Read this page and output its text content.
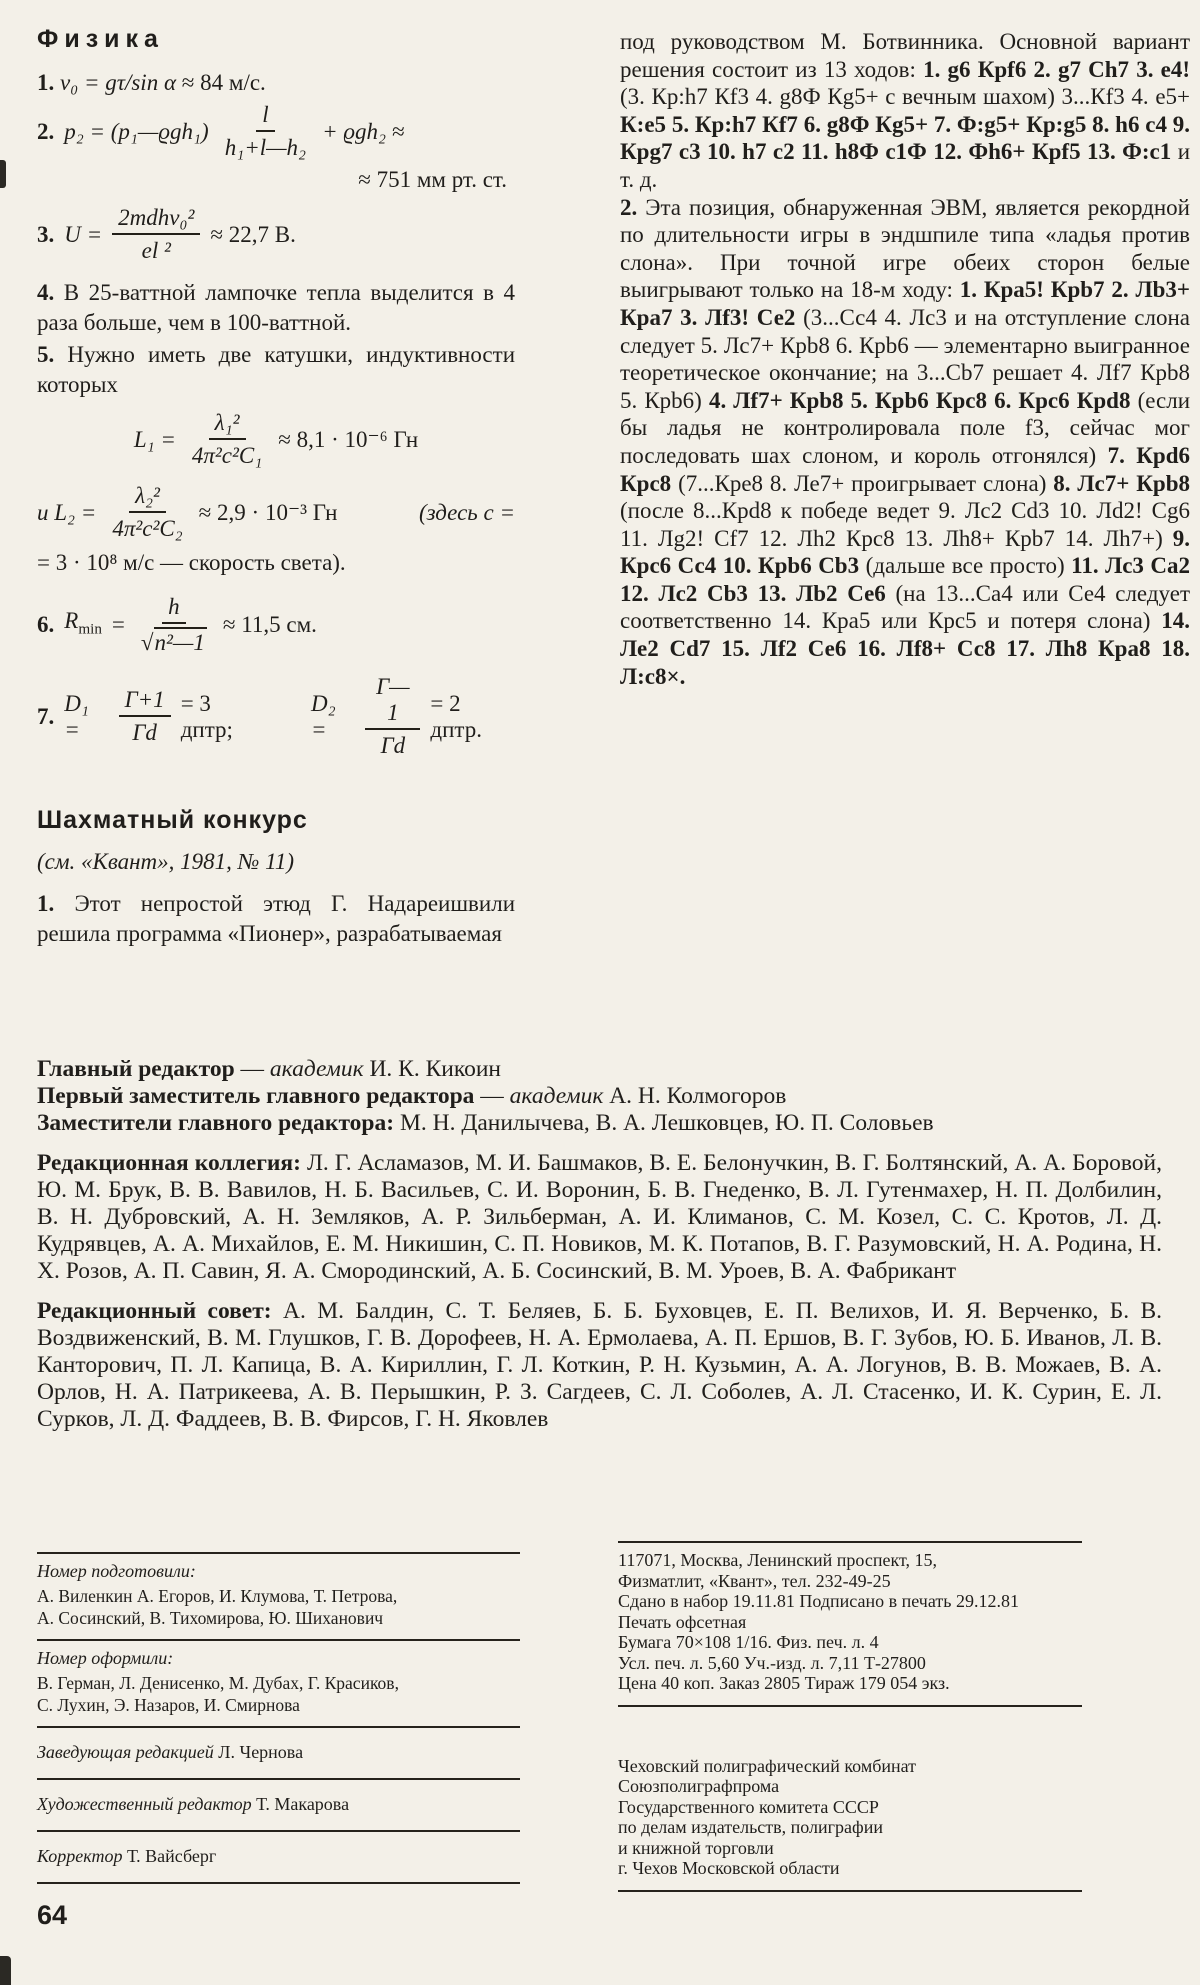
Физика

1. v₀ = gτ/sin α ≈ 84 м/с.

2. p₂ = (p₁—ϱgh₁) $\frac{l}{\text{h₁+l—h₂}} + ϱgh_2$ ≈
≈ 751 мм рт. ст.
3. $U = \frac{\text{2mdhv₀²}}{\text{el ²}} \approx 22,7$ В.

4. В 25-ваттной лампочке тепла выделится в 4 раза больше, чем в 100-ваттной.

5. Нужно иметь две катушки, индуктивности которых

$L_1 = \frac{\text{λ₁²}}{\text{4π²c²C₁}} \approx 8,1 \cdot 10^{-6}$ Гн
и $L_2 = \frac{\text{λ₂²}}{\text{4π²c²C₂}} \approx 2,9 \cdot 10^{-3}$ Гн	(здесь c =
= 3 · 10⁸ м/с — скорость света).
6. $R_{min} = \frac{h}{\text{√n²—1}} \approx 11,5$ см.
7.
D₁ =	$\frac{Г+1}{Гd} = 3$ дптр;
D₂ =	$\frac{Г—1}{Гd} = 2$ дптр.
Шахматный конкурс

(см. «Квант», 1981, № 11)

1. Этот непростой этюд Г. Надареишвили решила программа «Пионер», разрабатываемая

под руководством М. Ботвинника. Основной вариант решения состоит из 13 ходов: 1. g6 Кpf6 2. g7 Ch7 3. e4! (3. Кр:h7 Кf3 4. g8Ф Кg5+ с вечным шахом) 3...Кf3 4. е5+ К:е5 5. Кр:h7 Кf7 6. g8Ф Кg5+ 7. Ф:g5+ Кр:g5 8. h6 c4 9. Кpg7 c3 10. h7 c2 11. h8Ф с1Ф 12. Фh6+ Кpf5 13. Ф:c1 и т. д.

2. Эта позиция, обнаруженная ЭВМ, является рекордной по длительности игры в эндшпиле типа «ладья против слона». При точной игре обеих сторон белые выигрывают только на 18-м ходу: 1. Кра5! Крb7 2. Лb3+ Кра7 3. Лf3! Се2 (3...Сс4 4. Лс3 и на отступление слона следует 5. Лс7+ Крb8 6. Крb6 — элементарно выигранное теоретическое окончание; на 3...Сb7 решает 4. Лf7 Крb8 5. Крb6) 4. Лf7+ Крb8 5. Крb6 Крс8 6. Крс6 Крd8 (если бы ладья не контролировала поле f3, сейчас мог последовать шах слоном, и король отгонялся) 7. Крd6 Крс8 (7...Кре8 8. Ле7+ проигрывает слона) 8. Лс7+ Крb8 (после 8...Крd8 к победе ведет 9. Лс2 Сd3 10. Лd2! Сg6 11. Лg2! Сf7 12. Лh2 Крс8 13. Лh8+ Крb7 14. Лh7+) 9. Крс6 Сс4 10. Крb6 Сb3 (дальше все просто) 11. Лс3 Са2 12. Лс2 Сb3 13. Лb2 Се6 (на 13...Са4 или Се4 следует соответственно 14. Кра5 или Крс5 и потеря слона) 14. Ле2 Сd7 15. Лf2 Се6 16. Лf8+ Сс8 17. Лh8 Кра8 18. Л:с8×.

Главный редактор — академик И. К. Кикоин

Первый заместитель главного редактора — академик А. Н. Колмогоров

Заместители главного редактора: М. Н. Данилычева, В. А. Лешковцев, Ю. П. Соловьев

Редакционная коллегия: Л. Г. Асламазов, М. И. Башмаков, В. Е. Белонучкин, В. Г. Болтянский, А. А. Боровой, Ю. М. Брук, В. В. Вавилов, Н. Б. Васильев, С. И. Воронин, Б. В. Гнеденко, В. Л. Гутенмахер, Н. П. Долбилин, В. Н. Дубровский, А. Н. Земляков, А. Р. Зильберман, А. И. Климанов, С. М. Козел, С. С. Кротов, Л. Д. Кудрявцев, А. А. Михайлов, Е. М. Никишин, С. П. Новиков, М. К. Потапов, В. Г. Разумовский, Н. А. Родина, Н. Х. Розов, А. П. Савин, Я. А. Смородинский, А. Б. Сосинский, В. М. Уроев, В. А. Фабрикант

Редакционный совет: А. М. Балдин, С. Т. Беляев, Б. Б. Буховцев, Е. П. Велихов, И. Я. Верченко, Б. В. Воздвиженский, В. М. Глушков, Г. В. Дорофеев, Н. А. Ермолаева, А. П. Ершов, В. Г. Зубов, Ю. Б. Иванов, Л. В. Канторович, П. Л. Капица, В. А. Кириллин, Г. Л. Коткин, Р. Н. Кузьмин, А. А. Логунов, В. В. Можаев, В. А. Орлов, Н. А. Патрикеева, А. В. Перышкин, Р. З. Сагдеев, С. Л. Соболев, А. Л. Стасенко, И. К. Сурин, Е. Л. Сурков, Л. Д. Фаддеев, В. В. Фирсов, Г. Н. Яковлев

Номер подготовили:
А. Виленкин А. Егоров, И. Клумова, Т. Петрова,
А. Сосинский, В. Тихомирова, Ю. Шиханович
Номер оформили:
В. Герман, Л. Денисенко, М. Дубах, Г. Красиков,
С. Лухин, Э. Назаров, И. Смирнова
Заведующая редакцией Л. Чернова
Художественный редактор Т. Макарова
Корректор Т. Вайсберг
117071, Москва, Ленинский проспект, 15,
Физматлит, «Квант», тел. 232-49-25
Сдано в набор 19.11.81 Подписано в печать 29.12.81
Печать офсетная
Бумага 70×108 1/16. Физ. печ. л. 4
Усл. печ. л. 5,60 Уч.-изд. л. 7,11 Т-27800
Цена 40 коп. Заказ 2805 Тираж 179 054 экз.
Чеховский полиграфический комбинат
Союзполиграфпрома
Государственного комитета СССР
по делам издательств, полиграфии
и книжной торговли
г. Чехов Московской области
64
